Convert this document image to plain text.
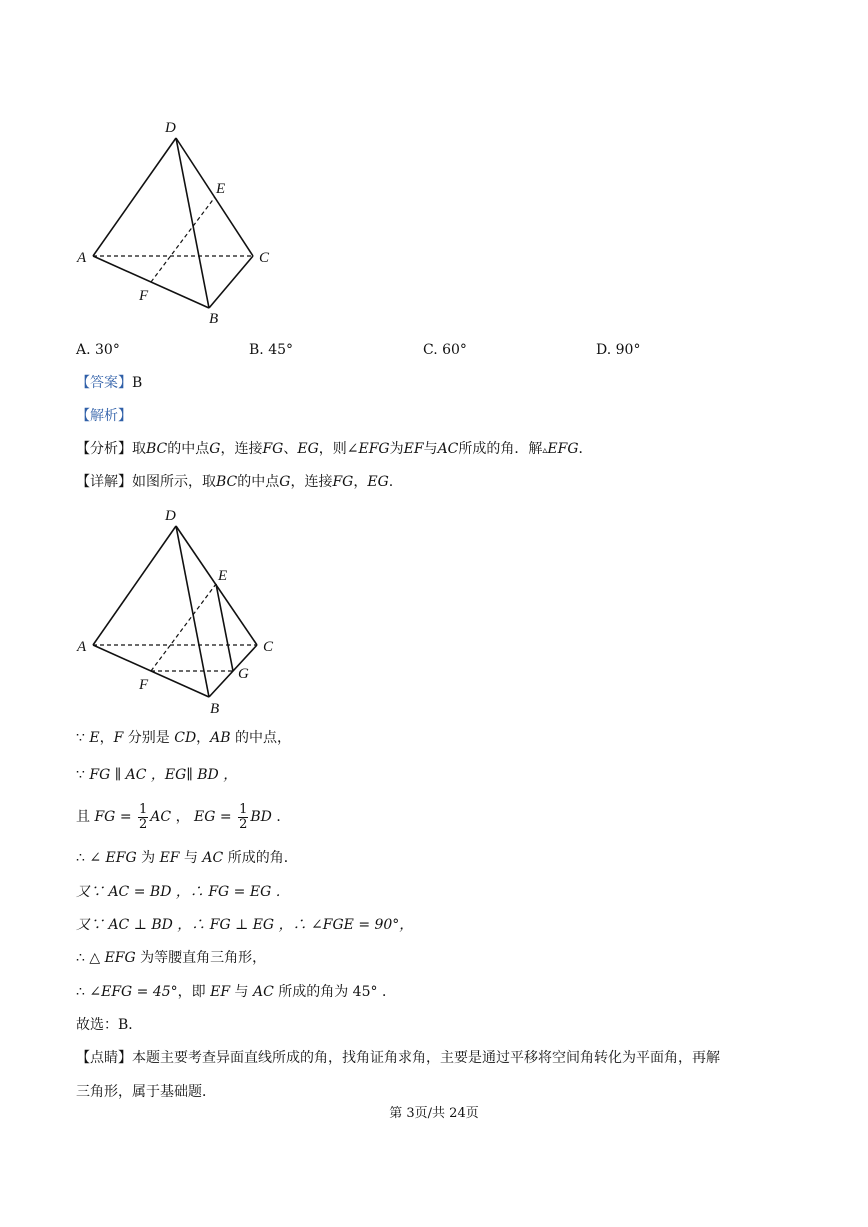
D
E
A	C
F
B
A. 30°	B. 45°	C. 60°	D. 90°
【答案】B
【解析】
【分析】取BC的中点G，连接FG、EG，则∠EFG为EF与AC所成的角．解▵EFG．
【详解】如图所示，取BC的中点G，连接FG，EG.
D
E
A	C
G
F
B
∵ E，F 分别是 CD，AB 的中点，
∵ FG ∥ AC ，EG∥ BD ，
且 FG = $\frac{1}{2}$ AC ， EG = $\frac{1}{2}$ BD ．
∴ ∠ EFG 为 EF 与 AC 所成的角．
又∵ AC = BD ，∴ FG = EG ．
又∵ AC ⊥ BD ，∴ FG ⊥ EG ，∴ ∠FGE = 90°，
∴ △ EFG 为等腰直角三角形，
∴ ∠EFG = 45°，即 EF 与 AC 所成的角为 45° ．
故选：B．
【点睛】本题主要考查异面直线所成的角，找角证角求角，主要是通过平移将空间角转化为平面角，再解
三角形，属于基础题．
第 3页/共 24页
